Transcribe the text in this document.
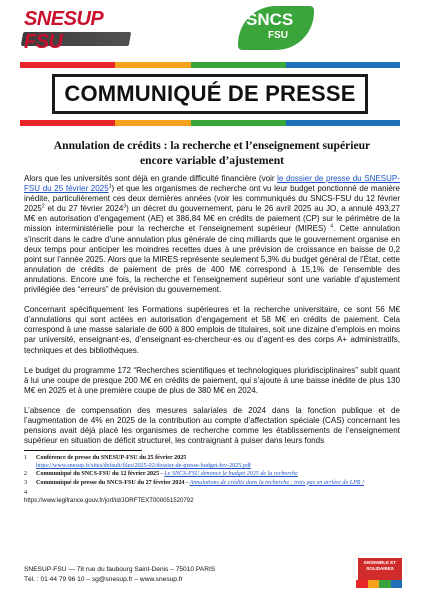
SNESUP FSU
SNCS
FSU
COMMUNIQUÉ DE PRESSE
Annulation de crédits : la recherche et l’enseignement supérieur
encore variable d’ajustement

Alors que les universités sont déjà en grande difficulté financière (voir le dossier de presse du SNESUP-FSU du 25 février 2025$^1$) et que les organismes de recherche ont vu leur budget ponctionné de manière inédite, particulièrement ces deux dernières années (voir les communiqués du SNCS-FSU du 12 février 2025$^2$ et du 27 février 2024$^3$) un décret du gouvernement, paru le 26 avril 2025 au JO, a annulé 493,27 M€ en autorisation d’engagement (AE) et 386,84 M€ en crédits de paiement (CP) sur le périmètre de la mission interministérielle pour la recherche et l’enseignement supérieur (MIRES) $^4$. Cette annulation s’inscrit dans le cadre d’une annulation plus générale de cinq milliards que le gouvernement organise en deux temps pour anticiper les moindres recettes dues à une prévision de croissance en baisse de 0,2 point sur l’année 2025. Alors que la MIRES représente seulement 5,3% du budget général de l’État, cette annulation de crédits de paiement de près de 400 M€ correspond à 15,1% de l’ensemble des annulations. Encore une fois, la recherche et l’enseignement supérieur sont une variable d’ajustement privilégiée des “erreurs” de prévision du gouvernement.

Concernant spécifiquement les Formations supérieures et la recherche universitaire, ce sont 56 M€ d’annulations qui sont actées en autorisation d’engagement et 58 M€ en crédits de paiement. Cela correspond à une masse salariale de 600 à 800 emplois de titulaires, soit une dizaine d’emplois en moins par université, enseignant·es, d’enseignant·es-chercheur·es ou d’agent·es des corps A+ administratifs, techniques et des bibliothèques.

Le budget du programme 172 “Recherches scientifiques et technologiques pluridisciplinaires” subit quant à lui une coupe de presque 200 M€ en crédits de paiement, qui s’ajoute à une baisse inédite de plus 130 M€ en 2025 et à une première coupe de plus de 380 M€ en 2024.

L’absence de compensation des mesures salariales de 2024 dans la fonction publique et de l’augmentation de 4% en 2025 de la contribution au compte d’affectation spéciale (CAS) concernant les pensions avait déjà placé les organismes de recherche comme les établissements de l’enseignement supérieur en situation de déficit structurel, les contraignant à puiser dans leurs fonds

1	Conférence de presse du SNESUP-FSU du 25 février 2025
https://www.snesup.fr/sites/default/files/2025-02/dossier-de-presse-budget-fev-2025.pdf
2	Communiqué du SNCS-FSU du 12 février 2025 - Le SNCS-FSU dénonce le budget 2025 de la recherche
3	Communiqué de presse du SNCS-FSU du 27 février 2024 - Annulations de crédits dans la recherche : trois pas en arrière de LPR !
4
https://www.legifrance.gouv.fr/jorf/id/JORFTEXT000051520792
SNESUP-FSU — 78 rue du faubourg Saint-Denis – 75010 PARIS
Tél. : 01 44 79 96 10 – sg@snesup.fr – www.snesup.fr
ENSEMBLE ET SOLIDAIRES
